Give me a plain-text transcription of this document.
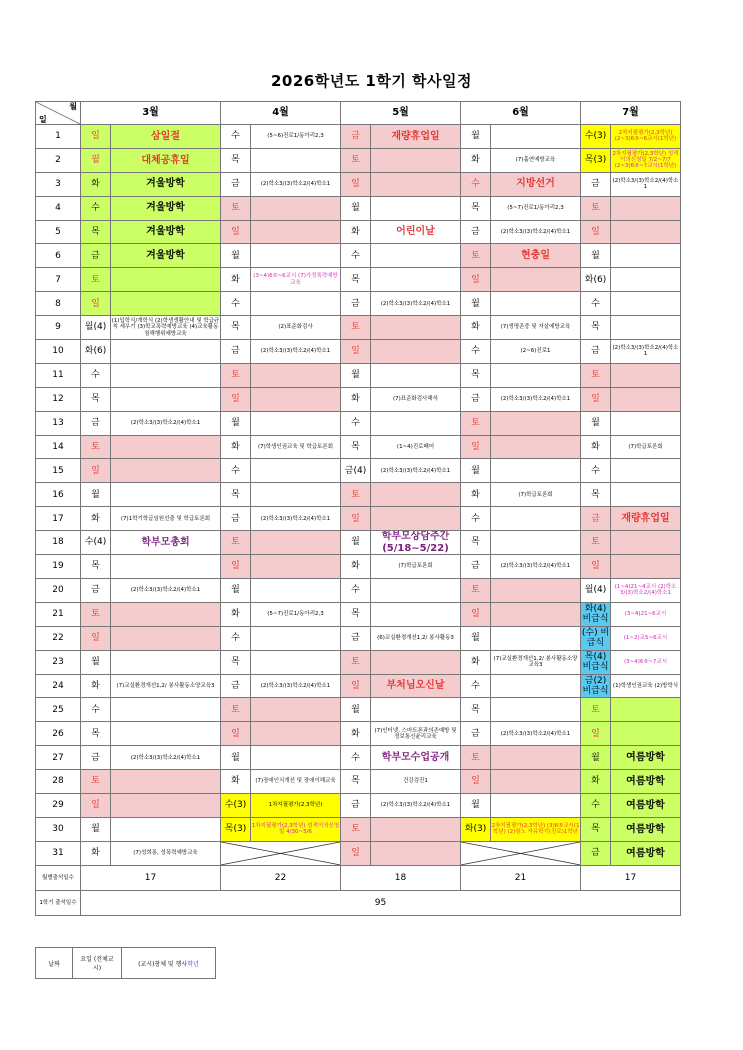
2026학년도 1학기 학사일정
월
일	3월		4월		5월		6월		7월	
1	일	삼일절	수	(5~6)진로1/동아리2,3	금	재량휴업일	월		수(3)	2차지필평가(2,3학년) (2~3)6⑤~6교시(1학년)
2	월	대체공휴일	목		토		화	(7)흡연예방교육	목(3)	2차지필평가(2,3학년) 성적이의신청일 7/2~7/7 (2~3)6⑤~7교시(1학년)
3	화	겨울방학	금	(2)학소3/(3)학소2/(4)학소1	일		수	지방선거	금	(2)학소3/(3)학소2/(4)학소1
4	수	겨울방학	토		월		목	(5~7)진로1/동아리2,3	토	
5	목	겨울방학	일		화	어린이날	금	(2)학소3/(3)학소2/(4)학소1	일	
6	금	겨울방학	월		수		토	현충일	월	
7	토		화	(3~4)6⑤~6교시 (7)가정폭력예방교육	목		일		화(6)	
8	일		수		금	(2)학소3/(3)학소2/(4)학소1	월		수	
9	월(4)	(1)입학식/개학식 (2)학생생활안내 및 학급규칙 세우기 (3)학교폭력예방교육 (4)교육활동침해행위예방교육	목	(2)표준화검사	토		화	(7)생명존중 및 자살예방교육	목	
10	화(6)		금	(2)학소3/(3)학소2/(4)학소1	일		수	(2~6)진로1	금	(2)학소3/(3)학소2/(4)학소1
11	수		토		월		목		토	
12	목		일		화	(7)표준화검사해석	금	(2)학소3/(3)학소2/(4)학소1	일	
13	금	(2)학소3/(3)학소2/(4)학소1	월		수		토		월	
14	토		화	(7)학생인권교육 및 학급토론회	목	(1~4)진로페어	일		화	(7)학급토론회
15	일		수		금(4)	(2)학소3/(3)학소2/(4)학소1	월		수	
16	월		목		토		화	(7)학급토론회	목	
17	화	(7)1학기학급임원선출 및 학급토론회	금	(2)학소3/(3)학소2/(4)학소1	일		수		금	재량휴업일
18	수(4)	학부모총회	토		월	학부모상담주간 (5/18~5/22)	목		토	
19	목		일		화	(7)학급토론회	금	(2)학소3/(3)학소2/(4)학소1	일	
20	금	(2)학소3/(3)학소2/(4)학소1	월		수		토		월(4)	(1~4)21~4교시 (2)학소3/(3)학소2/(4)학소1
21	토		화	(5~7)진로1/동아리2,3	목		일		화(4) 비급식	(3~4)21~6교시
22	일		수		금	(6)교실환경개선1,2/ 봉사활동3	월		(수) 비급식	(1~2)교5~6교시
23	월		목		토		화	(7)교실환경개선1,2/ 봉사활동소양교육3	목(4) 비급식	(3~4)6⑤~7교시
24	화	(7)교실환경개선1,2/ 봉사활동소양교육3	금	(2)학소3/(3)학소2/(4)학소1	일	부처님오신날	수		금(2) 비급식	(1)학생인권교육 (2)방학식
25	수		토		월		목		토	
26	목		일		화	(7)인터넷, 스마트폰과의존예방 및 정보통신윤리교육	금	(2)학소3/(3)학소2/(4)학소1	일	
27	금	(2)학소3/(3)학소2/(4)학소1	월		수	학부모수업공개	토		월	여름방학
28	토		화	(7)장애인식개선 및 장애이해교육	목	건강검진1	일		화	여름방학
29	일		수(3)	1차지필평가(2,3학년)	금	(2)학소3/(3)학소2/(4)학소1	월		수	여름방학
30	월		목(3)	1차지필평가(2,3학년) 성적이의신청일 4/30~5/6	토		화(3)	2차지필평가(2,3학년) (3)6⑤교시(1학년) (2)참노 자유학기(진로)1학년	목	여름방학
31	화	(7)성희롱, 성폭력예방교육			일				금	여름방학
월별출석일수	17		22		18		21		17	
1학기 출석일수	95									
날짜	요일 (전체교시)	(교시)창체 및 행사학년
